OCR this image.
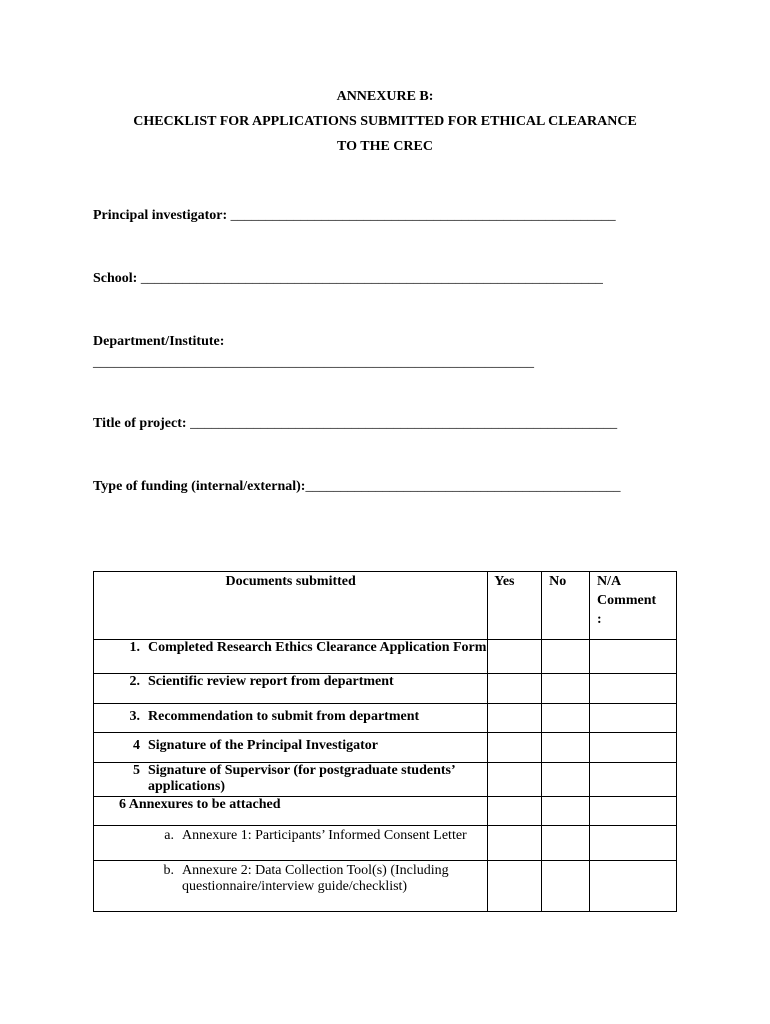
ANNEXURE B:
CHECKLIST FOR APPLICATIONS SUBMITTED FOR ETHICAL CLEARANCE
TO THE CREC
Principal investigator: _______________________________________________________
School: __________________________________________________________________
Department/Institute:
_______________________________________________________________
Title of project: _____________________________________________________________
Type of funding (internal/external):_____________________________________________
Documents submitted	Yes	No	N/A
Comment
:

1. Completed Research Ethics Clearance Application Form			

2. Scientific review report from department			

3. Recommendation to submit from department			

4 Signature of the Principal Investigator			

5 Signature of Supervisor (for postgraduate students’ applications)			

6 Annexures to be attached			

a. Annexure 1: Participants’ Informed Consent Letter			

b. Annexure 2: Data Collection Tool(s) (Including questionnaire/interview guide/checklist)			
